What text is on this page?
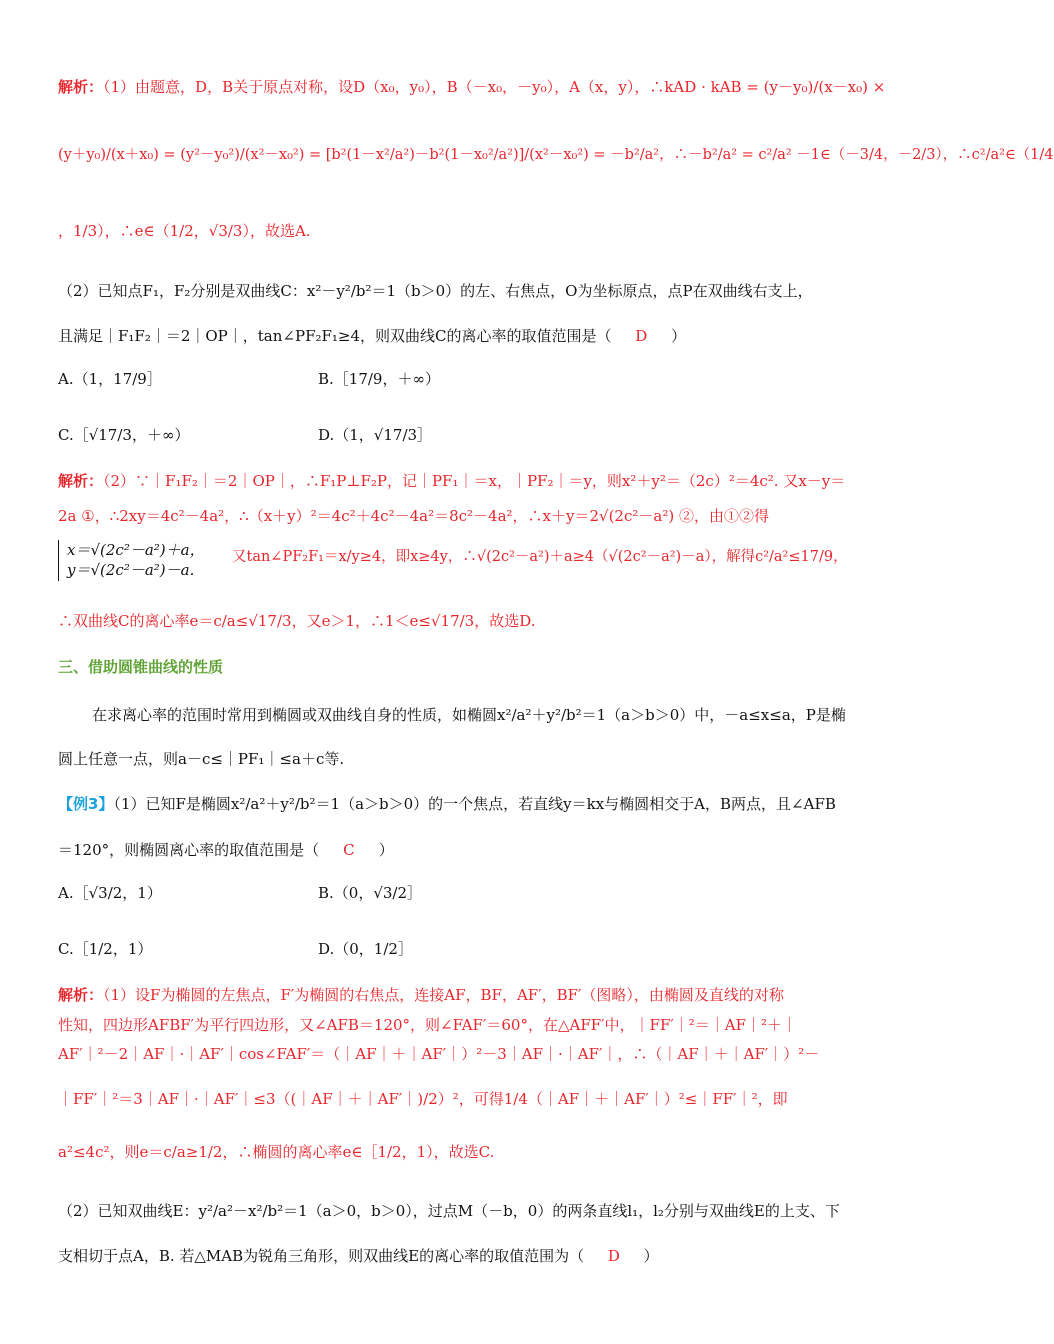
解析：（1）由题意，D，B关于原点对称，设D（x₀，y₀），B（－x₀，－y₀），A（x，y），∴kAD · kAB = (y－y₀)/(x－x₀) ×
(y＋y₀)/(x＋x₀) = (y²－y₀²)/(x²－x₀²) = [b²(1－x²/a²)－b²(1－x₀²/a²)]/(x²－x₀²) = －b²/a²，∴－b²/a² = c²/a² －1∈（－3/4，－2/3），∴c²/a²∈（1/4
，1/3），∴e∈（1/2，√3/3），故选A.
（2）已知点F₁，F₂分别是双曲线C：x²－y²/b²＝1（b＞0）的左、右焦点，O为坐标原点，点P在双曲线右支上，
且满足｜F₁F₂｜＝2｜OP｜，tan∠PF₂F₁≥4，则双曲线C的离心率的取值范围是（ D ）
A.（1，17/9］	B.［17/9，＋∞）
C.［√17/3，＋∞）	D.（1，√17/3］
解析：（2）∵｜F₁F₂｜＝2｜OP｜，∴F₁P⊥F₂P，记｜PF₁｜＝x，｜PF₂｜＝y，则x²＋y²＝（2c）²＝4c². 又x－y＝
2a ①，∴2xy＝4c²－4a²，∴（x＋y）²＝4c²＋4c²－4a²＝8c²－4a²，∴x＋y＝2√(2c²－a²) ②，由①②得
x＝√(2c²－a²)＋a，
y＝√(2c²－a²)－a.
又tan∠PF₂F₁＝x/y≥4，即x≥4y，∴√(2c²－a²)＋a≥4（√(2c²－a²)－a），解得c²/a²≤17/9，
∴双曲线C的离心率e＝c/a≤√17/3，又e＞1，∴1＜e≤√17/3，故选D.
三、借助圆锥曲线的性质
在求离心率的范围时常用到椭圆或双曲线自身的性质，如椭圆x²/a²＋y²/b²＝1（a＞b＞0）中，－a≤x≤a，P是椭
圆上任意一点，则a－c≤｜PF₁｜≤a＋c等.
【例3】（1）已知F是椭圆x²/a²＋y²/b²＝1（a＞b＞0）的一个焦点，若直线y＝kx与椭圆相交于A，B两点，且∠AFB
＝120°，则椭圆离心率的取值范围是（ C ）
A.［√3/2，1）	B.（0，√3/2］
C.［1/2，1）	D.（0，1/2］
解析：（1）设F为椭圆的左焦点，F′为椭圆的右焦点，连接AF，BF，AF′，BF′（图略），由椭圆及直线的对称
性知，四边形AFBF′为平行四边形，又∠AFB＝120°，则∠FAF′＝60°，在△AFF′中，｜FF′｜²＝｜AF｜²＋｜
AF′｜²－2｜AF｜·｜AF′｜cos∠FAF′＝（｜AF｜＋｜AF′｜）²－3｜AF｜·｜AF′｜，∴（｜AF｜＋｜AF′｜）²－
｜FF′｜²＝3｜AF｜·｜AF′｜≤3（(｜AF｜＋｜AF′｜)/2）²，可得1/4（｜AF｜＋｜AF′｜）²≤｜FF′｜²，即
a²≤4c²，则e＝c/a≥1/2，∴椭圆的离心率e∈［1/2，1），故选C.
（2）已知双曲线E：y²/a²－x²/b²＝1（a＞0，b＞0），过点M（－b，0）的两条直线l₁，l₂分别与双曲线E的上支、下
支相切于点A，B. 若△MAB为锐角三角形，则双曲线E的离心率的取值范围为（ D ）
